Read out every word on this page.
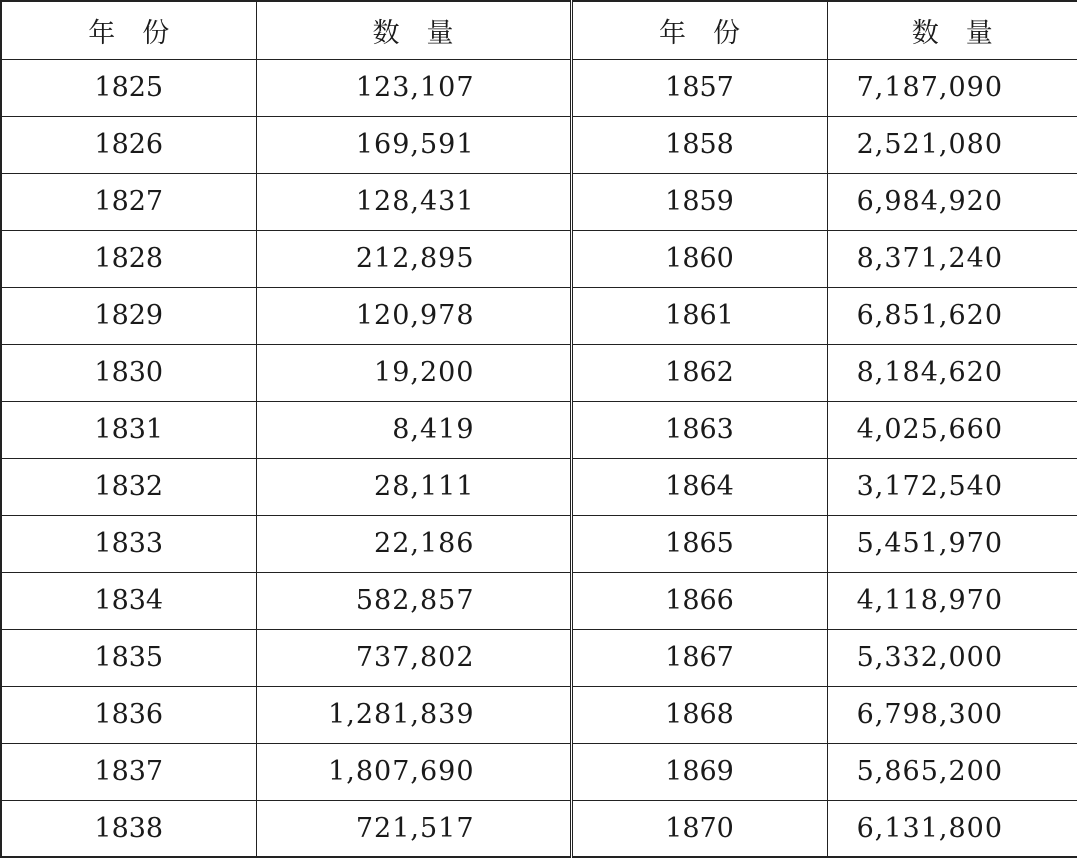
年　份	数　量	年　份	数　量
1825	123,107	1857	7,187,090
1826	169,591	1858	2,521,080
1827	128,431	1859	6,984,920
1828	212,895	1860	8,371,240
1829	120,978	1861	6,851,620
1830	19,200	1862	8,184,620
1831	8,419	1863	4,025,660
1832	28,111	1864	3,172,540
1833	22,186	1865	5,451,970
1834	582,857	1866	4,118,970
1835	737,802	1867	5,332,000
1836	1,281,839	1868	6,798,300
1837	1,807,690	1869	5,865,200
1838	721,517	1870	6,131,800
